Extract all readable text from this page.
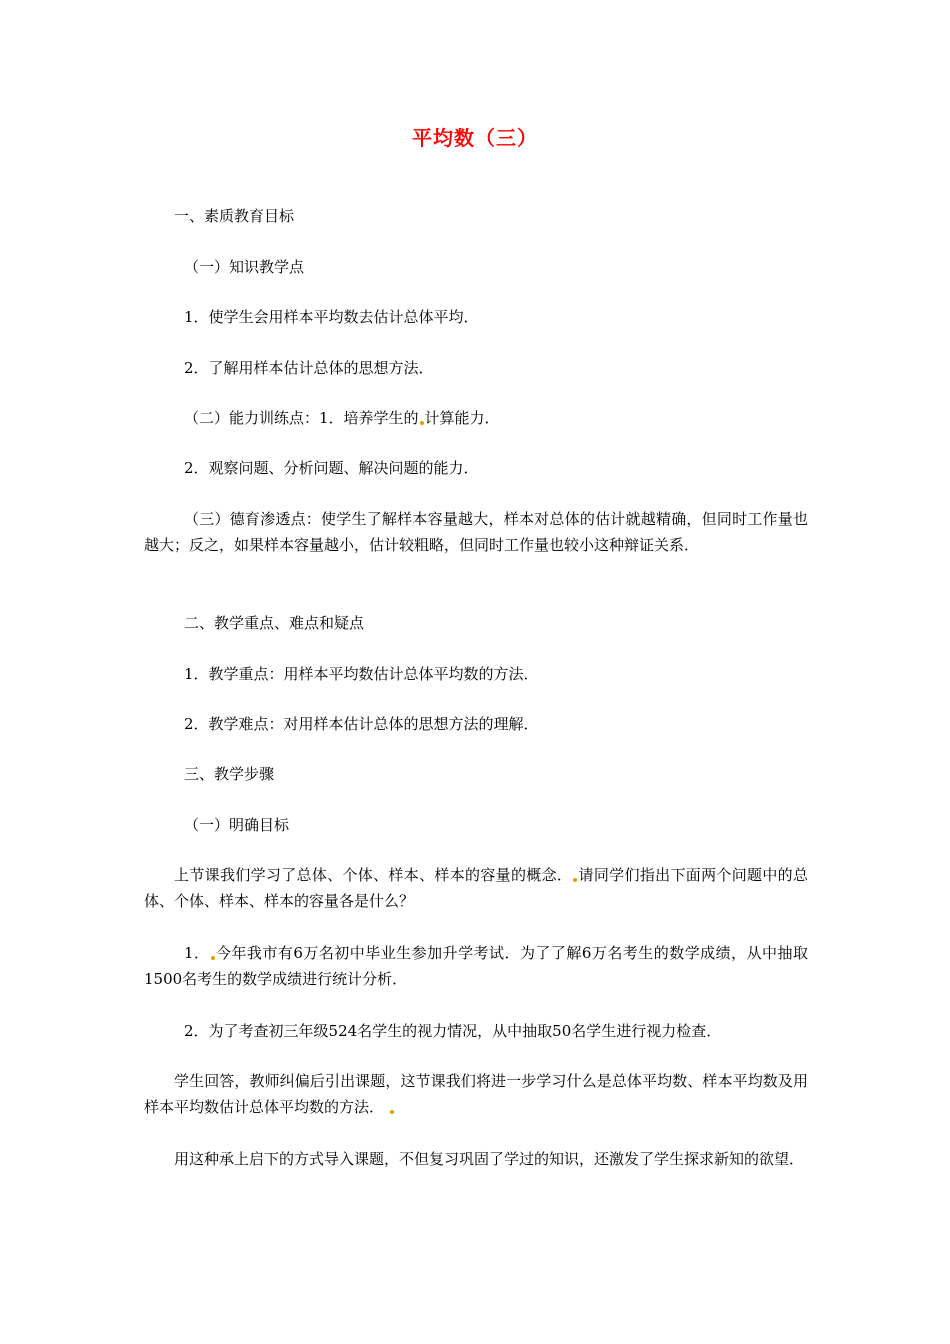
平均数（三）
一、素质教育目标
（一）知识教学点
1．使学生会用样本平均数去估计总体平均．
2．了解用样本估计总体的思想方法．
（二）能力训练点：1．培养学生的 计算能力．
2．观察问题、分析问题、解决问题的能力．
（三）德育渗透点：使学生了解样本容量越大，样本对总体的估计就越精确，但同时工作量也越大；反之，如果样本容量越小，估计较粗略，但同时工作量也较小这种辩证关系．
二、教学重点、难点和疑点
1．教学重点：用样本平均数估计总体平均数的方法．
2．教学难点：对用样本估计总体的思想方法的理解．
三、教学步骤
（一）明确目标
上节课我们学习了总体、个体、样本、样本的容量的概念． 请同学们指出下面两个问题中的总体、个体、样本、样本的容量各是什么？
1． 今年我市有6万名初中毕业生参加升学考试．为了了解6万名考生的数学成绩，从中抽取1500名考生的数学成绩进行统计分析．
2．为了考查初三年级524名学生的视力情况，从中抽取50名学生进行视力检查．
学生回答，教师纠偏后引出课题，这节课我们将进一步学习什么是总体平均数、样本平均数及用样本平均数估计总体平均数的方法．
用这种承上启下的方式导入课题，不但复习巩固了学过的知识，还激发了学生探求新知的欲望．
